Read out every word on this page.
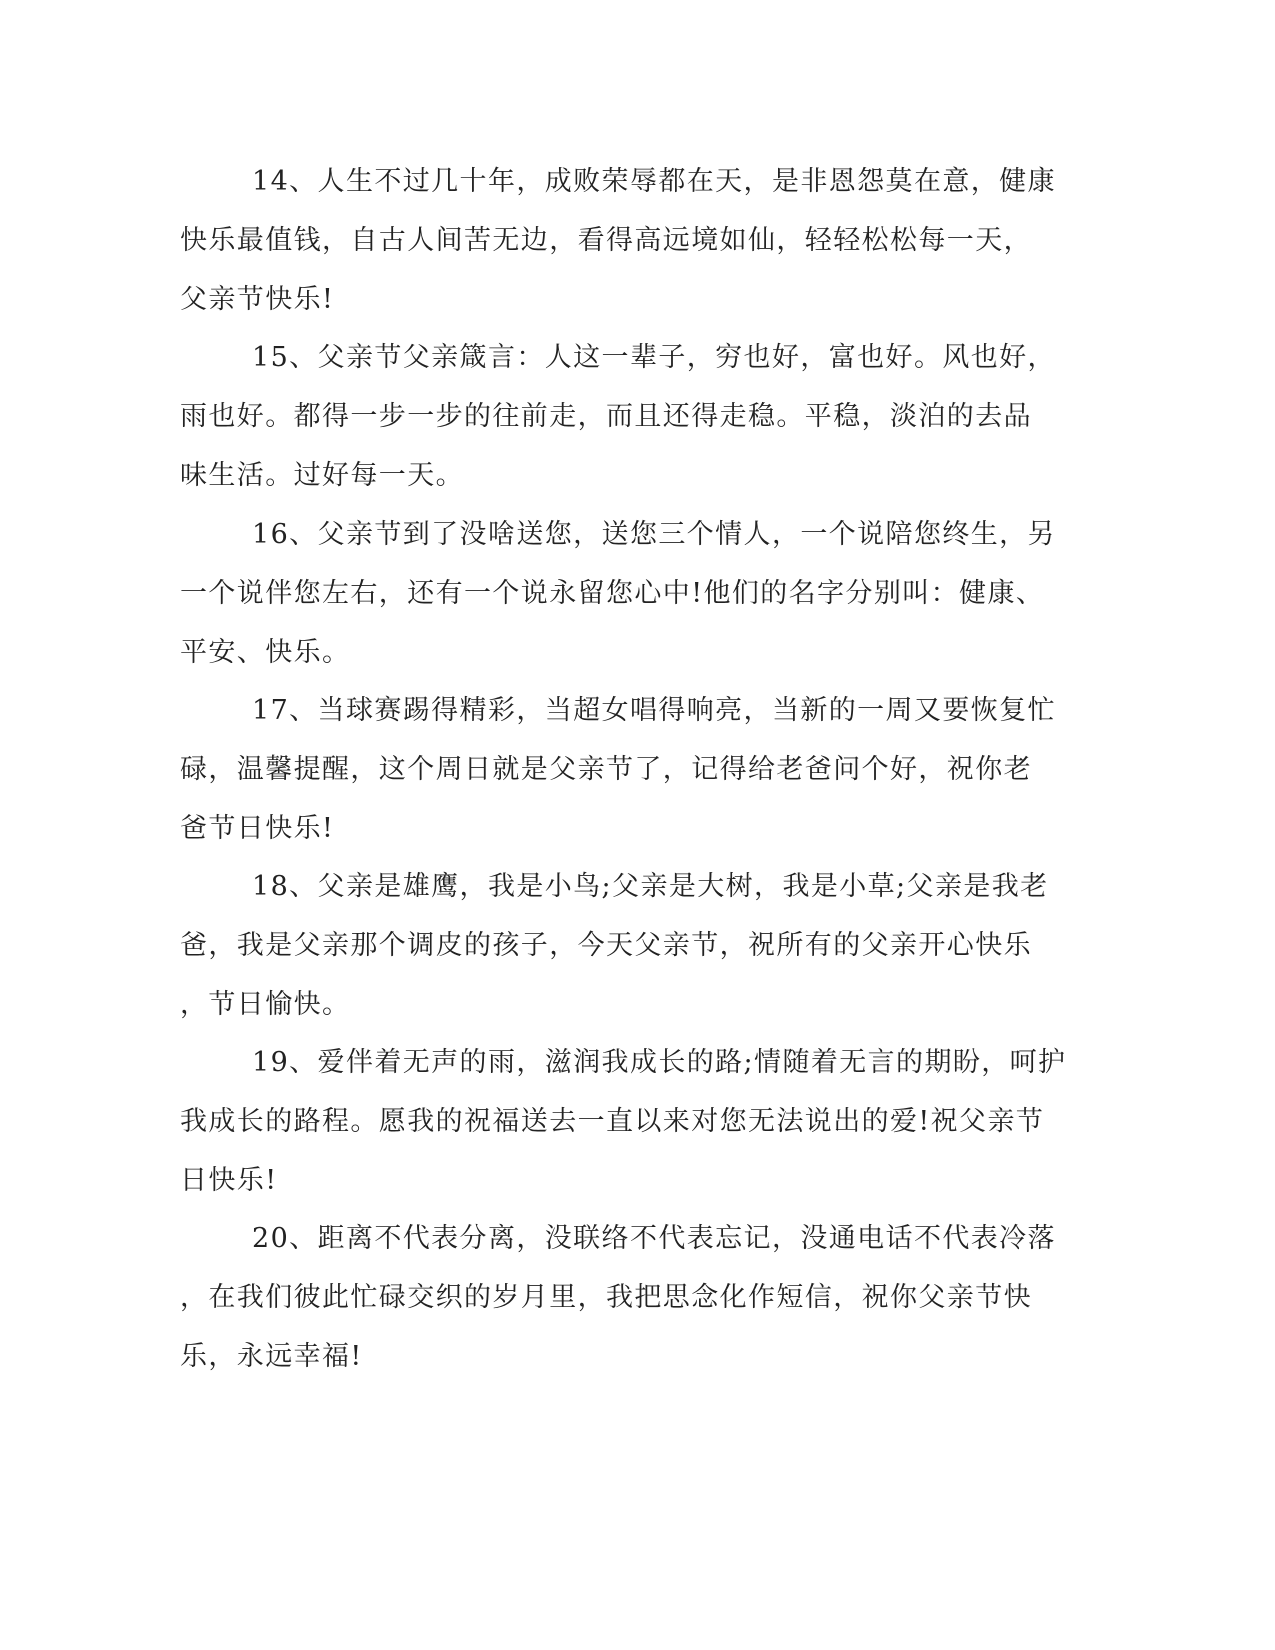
14、人生不过几十年，成败荣辱都在天，是非恩怨莫在意，健康
快乐最值钱，自古人间苦无边，看得高远境如仙，轻轻松松每一天，
父亲节快乐!
15、父亲节父亲箴言：人这一辈子，穷也好，富也好。风也好，
雨也好。都得一步一步的往前走，而且还得走稳。平稳，淡泊的去品
味生活。过好每一天。
16、父亲节到了没啥送您，送您三个情人，一个说陪您终生，另
一个说伴您左右，还有一个说永留您心中!他们的名字分别叫：健康、
平安、快乐。
17、当球赛踢得精彩，当超女唱得响亮，当新的一周又要恢复忙
碌，温馨提醒，这个周日就是父亲节了，记得给老爸问个好，祝你老
爸节日快乐!
18、父亲是雄鹰，我是小鸟;父亲是大树，我是小草;父亲是我老
爸，我是父亲那个调皮的孩子，今天父亲节，祝所有的父亲开心快乐
，节日愉快。
19、爱伴着无声的雨，滋润我成长的路;情随着无言的期盼，呵护
我成长的路程。愿我的祝福送去一直以来对您无法说出的爱!祝父亲节
日快乐!
20、距离不代表分离，没联络不代表忘记，没通电话不代表冷落
，在我们彼此忙碌交织的岁月里，我把思念化作短信，祝你父亲节快
乐，永远幸福!
